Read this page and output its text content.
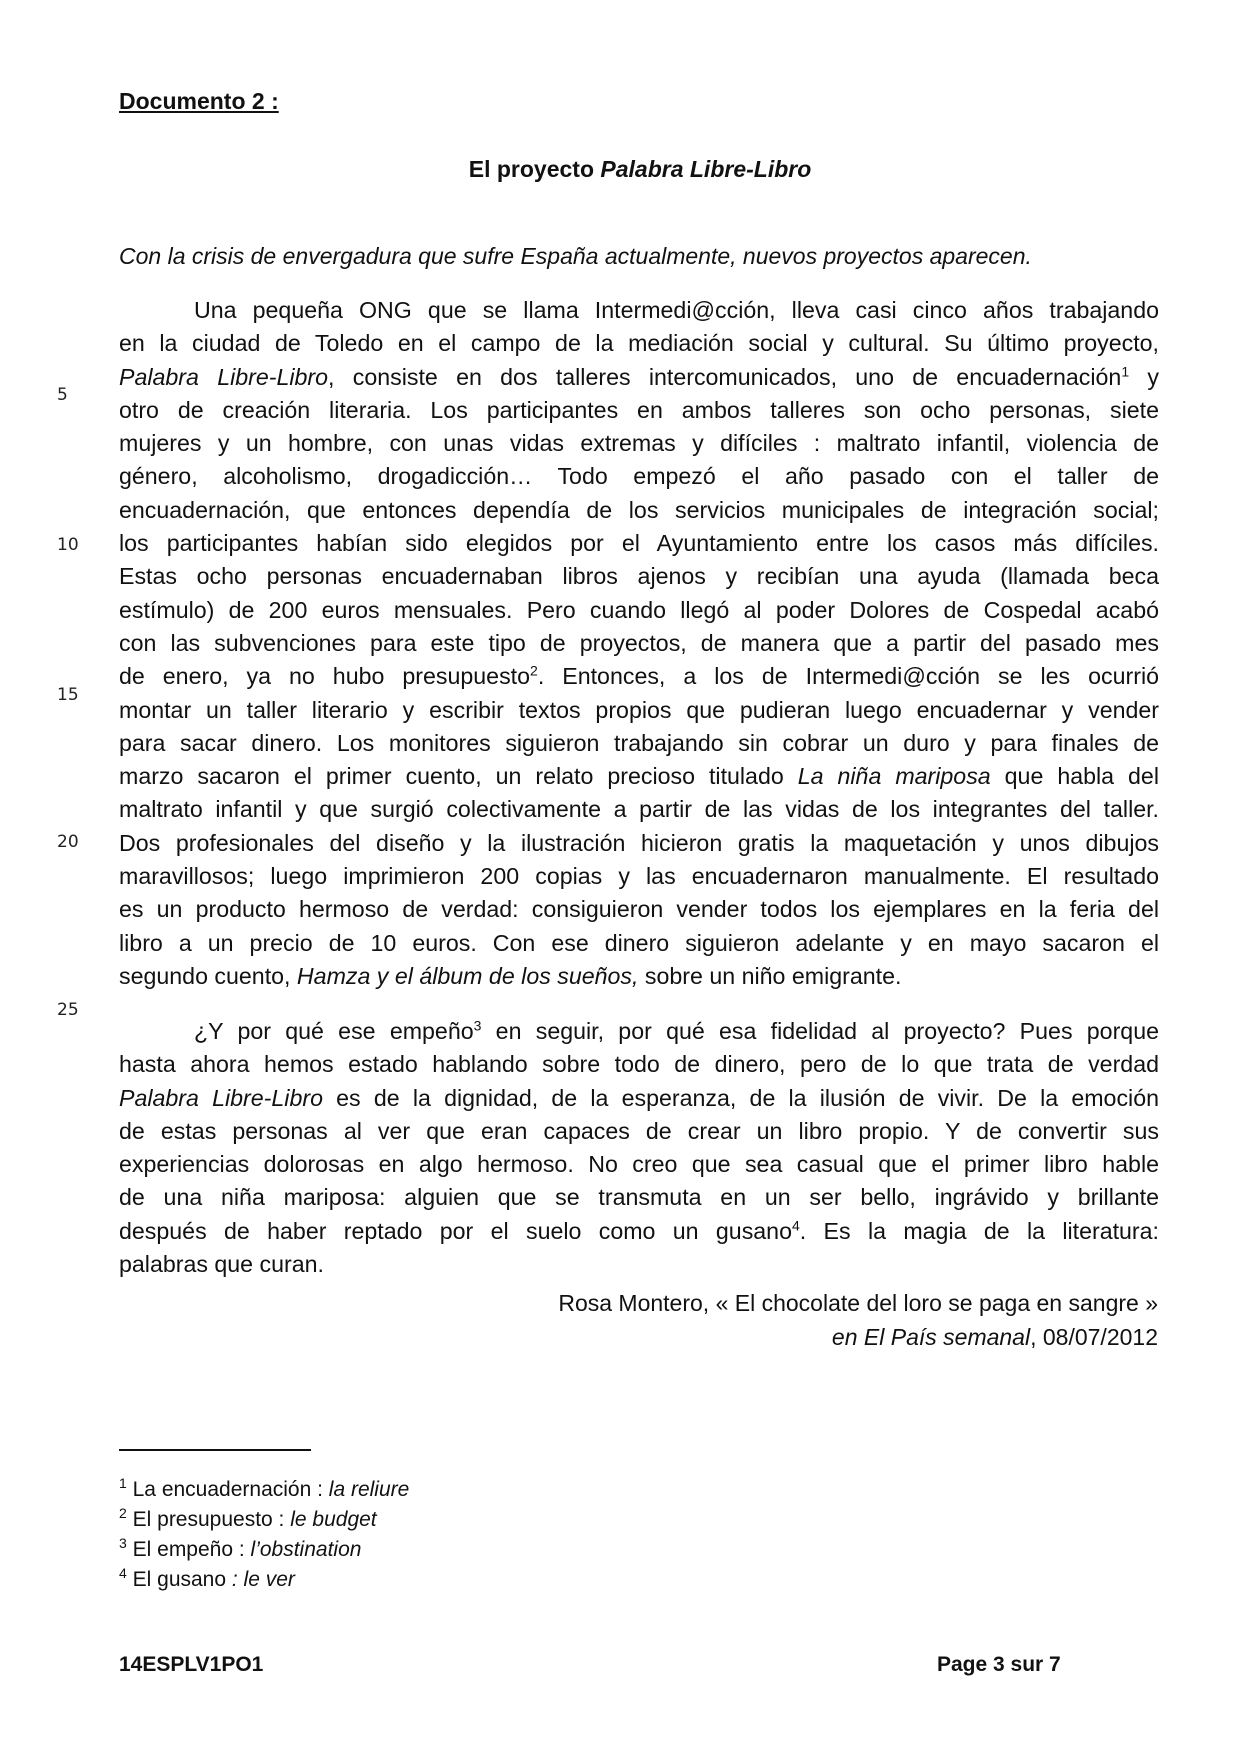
Documento 2 :
El proyecto Palabra Libre-Libro
Con la crisis de envergadura que sufre España actualmente, nuevos proyectos aparecen.
Una pequeña ONG que se llama Intermedi@cción, lleva casi cinco años trabajando
en la ciudad de Toledo en el campo de la mediación social y cultural. Su último proyecto,
Palabra Libre-Libro, consiste en dos talleres intercomunicados, uno de encuadernación$^1$ y
otro de creación literaria. Los participantes en ambos talleres son ocho personas, siete
mujeres y un hombre, con unas vidas extremas y difíciles : maltrato infantil, violencia de
género, alcoholismo, drogadicción… Todo empezó el año pasado con el taller de
encuadernación, que entonces dependía de los servicios municipales de integración social;
los participantes habían sido elegidos por el Ayuntamiento entre los casos más difíciles.
Estas ocho personas encuadernaban libros ajenos y recibían una ayuda (llamada beca
estímulo) de 200 euros mensuales. Pero cuando llegó al poder Dolores de Cospedal acabó
con las subvenciones para este tipo de proyectos, de manera que a partir del pasado mes
de enero, ya no hubo presupuesto$^2$. Entonces, a los de Intermedi@cción se les ocurrió
montar un taller literario y escribir textos propios que pudieran luego encuadernar y vender
para sacar dinero. Los monitores siguieron trabajando sin cobrar un duro y para finales de
marzo sacaron el primer cuento, un relato precioso titulado La niña mariposa que habla del
maltrato infantil y que surgió colectivamente a partir de las vidas de los integrantes del taller.
Dos profesionales del diseño y la ilustración hicieron gratis la maquetación y unos dibujos
maravillosos; luego imprimieron 200 copias y las encuadernaron manualmente. El resultado
es un producto hermoso de verdad: consiguieron vender todos los ejemplares en la feria del
libro a un precio de 10 euros. Con ese dinero siguieron adelante y en mayo sacaron el
segundo cuento, Hamza y el álbum de los sueños, sobre un niño emigrante.
¿Y por qué ese empeño$^3$ en seguir, por qué esa fidelidad al proyecto? Pues porque
hasta ahora hemos estado hablando sobre todo de dinero, pero de lo que trata de verdad
Palabra Libre-Libro es de la dignidad, de la esperanza, de la ilusión de vivir. De la emoción
de estas personas al ver que eran capaces de crear un libro propio. Y de convertir sus
experiencias dolorosas en algo hermoso. No creo que sea casual que el primer libro hable
de una niña mariposa: alguien que se transmuta en un ser bello, ingrávido y brillante
después de haber reptado por el suelo como un gusano$^4$. Es la magia de la literatura:
palabras que curan.
5
10
15
20
25
Rosa Montero, « El chocolate del loro se paga en sangre »
en El País semanal, 08/07/2012
$^1$ La encuadernación : la reliure
$^2$ El presupuesto : le budget
$^3$ El empeño : l’obstination
$^4$ El gusano : le ver
14ESPLV1PO1	Page 3 sur 7
